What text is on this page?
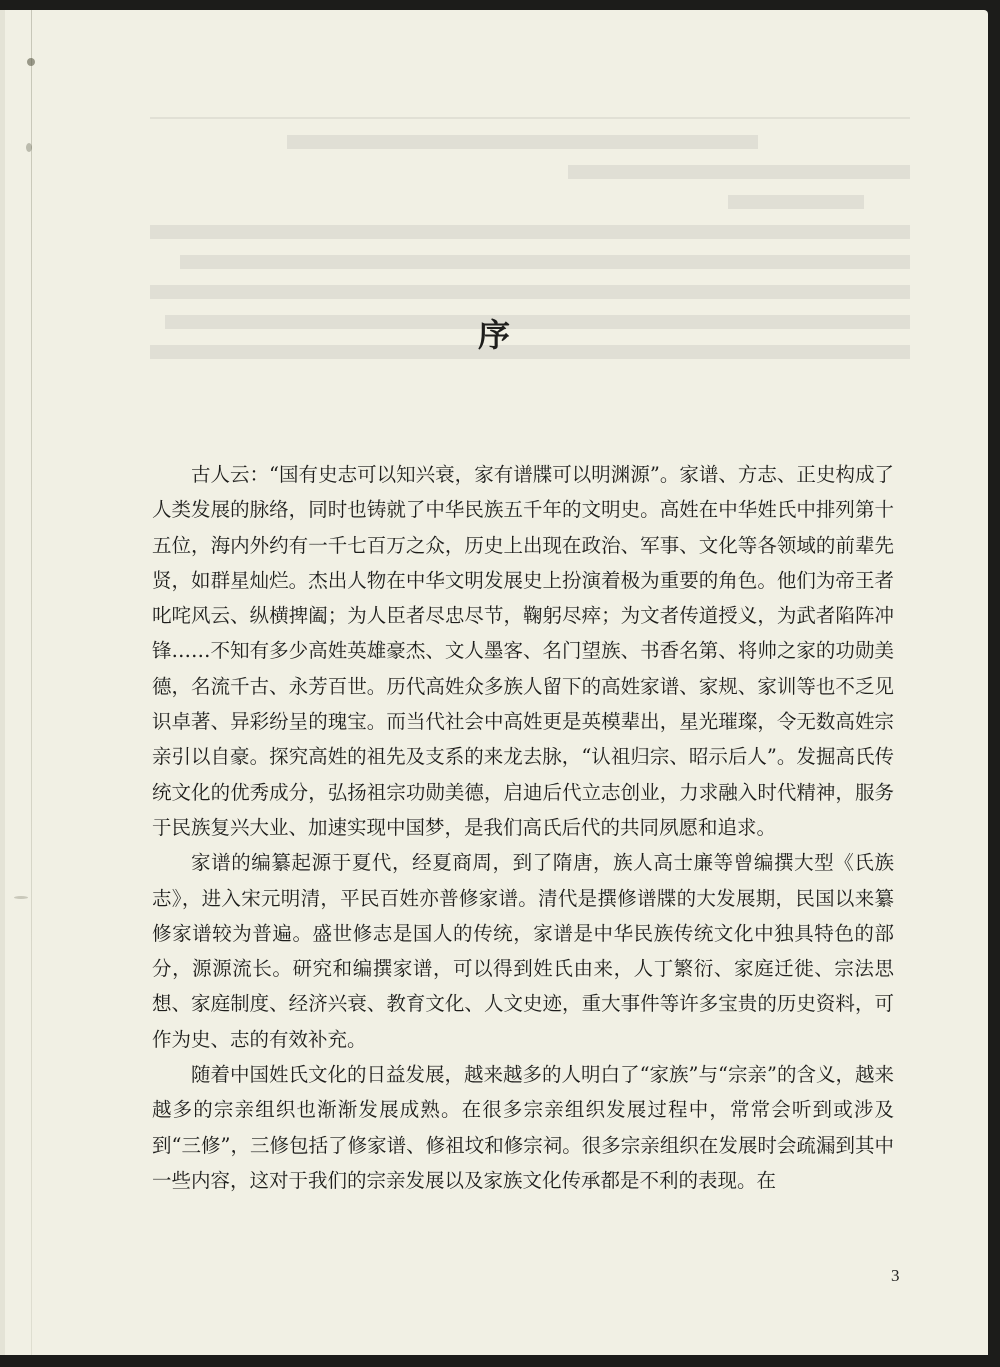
序

古人云：“国有史志可以知兴衰，家有谱牒可以明渊源”。家谱、方志、正史构成了人类发展的脉络，同时也铸就了中华民族五千年的文明史。高姓在中华姓氏中排列第十五位，海内外约有一千七百万之众，历史上出现在政治、军事、文化等各领域的前辈先贤，如群星灿烂。杰出人物在中华文明发展史上扮演着极为重要的角色。他们为帝王者叱咤风云、纵横捭阖；为人臣者尽忠尽节，鞠躬尽瘁；为文者传道授义，为武者陷阵冲锋……不知有多少高姓英雄豪杰、文人墨客、名门望族、书香名第、将帅之家的功勋美德，名流千古、永芳百世。历代高姓众多族人留下的高姓家谱、家规、家训等也不乏见识卓著、异彩纷呈的瑰宝。而当代社会中高姓更是英模辈出，星光璀璨，令无数高姓宗亲引以自豪。探究高姓的祖先及支系的来龙去脉，“认祖归宗、昭示后人”。发掘高氏传统文化的优秀成分，弘扬祖宗功勋美德，启迪后代立志创业，力求融入时代精神，服务于民族复兴大业、加速实现中国梦，是我们高氏后代的共同夙愿和追求。

家谱的编纂起源于夏代，经夏商周，到了隋唐，族人高士廉等曾编撰大型《氏族志》，进入宋元明清，平民百姓亦普修家谱。清代是撰修谱牒的大发展期，民国以来纂修家谱较为普遍。盛世修志是国人的传统，家谱是中华民族传统文化中独具特色的部分，源源流长。研究和编撰家谱，可以得到姓氏由来，人丁繁衍、家庭迁徙、宗法思想、家庭制度、经济兴衰、教育文化、人文史迹，重大事件等许多宝贵的历史资料，可作为史、志的有效补充。

随着中国姓氏文化的日益发展，越来越多的人明白了“家族”与“宗亲”的含义，越来越多的宗亲组织也渐渐发展成熟。在很多宗亲组织发展过程中，常常会听到或涉及到“三修”，三修包括了修家谱、修祖坟和修宗祠。很多宗亲组织在发展时会疏漏到其中一些内容，这对于我们的宗亲发展以及家族文化传承都是不利的表现。在

3
